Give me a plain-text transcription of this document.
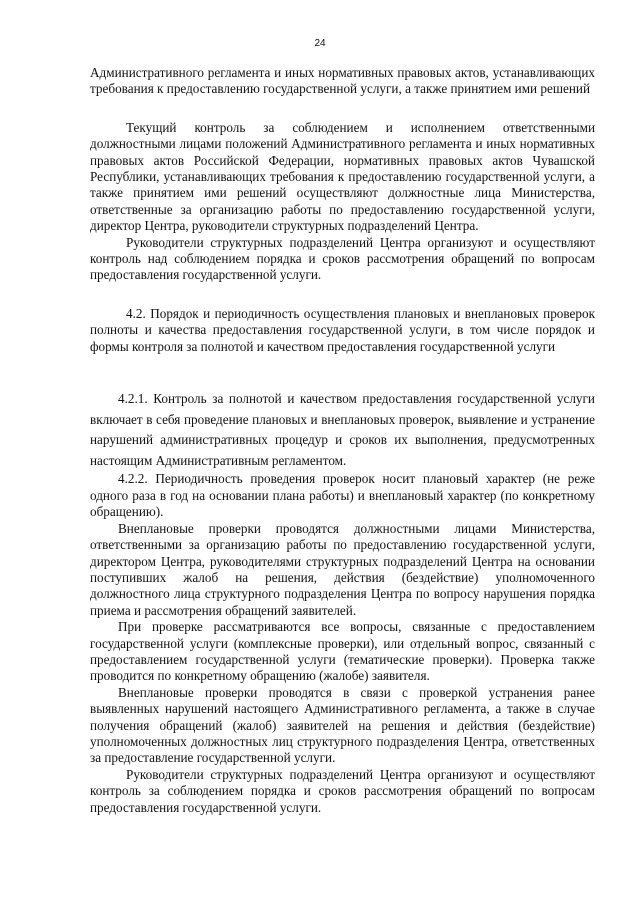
24

Административного регламента и иных нормативных правовых актов, устанавливающих требования к предоставлению государственной услуги, а также принятием ими решений

Текущий контроль за соблюдением и исполнением ответственными должностными лицами положений Административного регламента и иных нормативных правовых актов Российской Федерации, нормативных правовых актов Чувашской Республики, устанавливающих требования к предоставлению государственной услуги, а также принятием ими решений осуществляют должностные лица Министерства, ответственные за организацию работы по предоставлению государственной услуги, директор Центра, руководители структурных подразделений Центра.

Руководители структурных подразделений Центра организуют и осуществляют контроль над соблюдением порядка и сроков рассмотрения обращений по вопросам предоставления государственной услуги.

4.2. Порядок и периодичность осуществления плановых и внеплановых проверок полноты и качества предоставления государственной услуги, в том числе порядок и формы контроля за полнотой и качеством предоставления государственной услуги

4.2.1. Контроль за полнотой и качеством предоставления государственной услуги включает в себя проведение плановых и внеплановых проверок, выявление и устранение нарушений административных процедур и сроков их выполнения, предусмотренных настоящим Административным регламентом.

4.2.2. Периодичность проведения проверок носит плановый характер (не реже одного раза в год на основании плана работы) и внеплановый характер (по конкретному обращению).

Внеплановые проверки проводятся должностными лицами Министерства, ответственными за организацию работы по предоставлению государственной услуги, директором Центра, руководителями структурных подразделений Центра на основании поступивших жалоб на решения, действия (бездействие) уполномоченного должностного лица структурного подразделения Центра по вопросу нарушения порядка приема и рассмотрения обращений заявителей.

При проверке рассматриваются все вопросы, связанные с предоставлением государственной услуги (комплексные проверки), или отдельный вопрос, связанный с предоставлением государственной услуги (тематические проверки). Проверка также проводится по конкретному обращению (жалобе) заявителя.

Внеплановые проверки проводятся в связи с проверкой устранения ранее выявленных нарушений настоящего Административного регламента, а также в случае получения обращений (жалоб) заявителей на решения и действия (бездействие) уполномоченных должностных лиц структурного подразделения Центра, ответственных за предоставление государственной услуги.

Руководители структурных подразделений Центра организуют и осуществляют контроль за соблюдением порядка и сроков рассмотрения обращений по вопросам предоставления государственной услуги.
